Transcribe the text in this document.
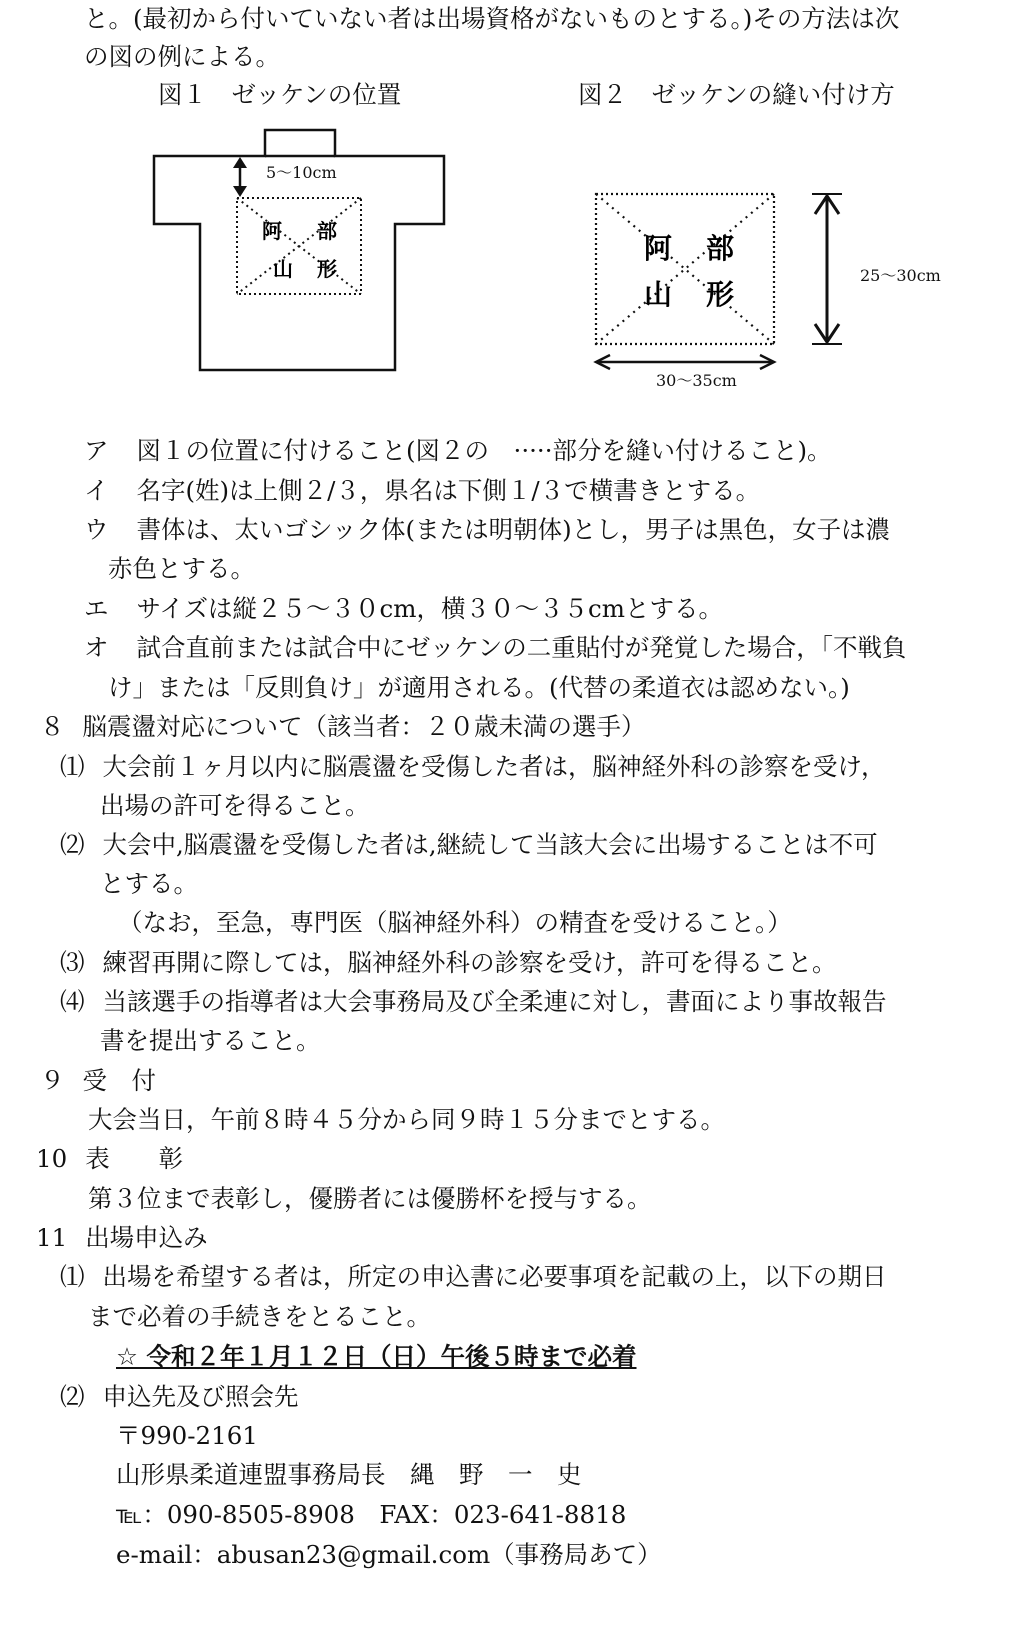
と。(最初から付いていない者は出場資格がないものとする。)その方法は次
の図の例による。
図１　ゼッケンの位置	図２　ゼッケンの縫い付け方
阿 部
山 形
5〜10cm
阿 部
山 形
25〜30cm
30〜35cm
ア 図１の位置に付けること(図２の　·····部分を縫い付けること)。
イ 名字(姓)は上側２/３，県名は下側１/３で横書きとする。
ウ 書体は、太いゴシック体(または明朝体)とし，男子は黒色，女子は濃
赤色とする。
エ サイズは縦２５〜３０cm，横３０〜３５cmとする。
オ 試合直前または試合中にゼッケンの二重貼付が発覚した場合，「不戦負
け」または「反則負け」が適用される。(代替の柔道衣は認めない。)
８ 脳震盪対応について（該当者：２０歳未満の選手）
⑴ 大会前１ヶ月以内に脳震盪を受傷した者は，脳神経外科の診察を受け，
出場の許可を得ること。
⑵ 大会中,脳震盪を受傷した者は,継続して当該大会に出場することは不可
とする。
（なお，至急，専門医（脳神経外科）の精査を受けること。）
⑶ 練習再開に際しては，脳神経外科の診察を受け，許可を得ること。
⑷ 当該選手の指導者は大会事務局及び全柔連に対し，書面により事故報告
書を提出すること。
９ 受　付
大会当日，午前８時４５分から同９時１５分までとする。
10 表　　彰
第３位まで表彰し，優勝者には優勝杯を授与する。
11 出場申込み
⑴ 出場を希望する者は，所定の申込書に必要事項を記載の上，以下の期日
まで必着の手続きをとること。
☆ 令和２年１月１２日（日）午後５時まで必着
⑵ 申込先及び照会先
〒990-2161
山形県柔道連盟事務局長　縄　野　一　史
℡：090-8505-8908　FAX：023-641-8818
e-mail：abusan23@gmail.com（事務局あて）
